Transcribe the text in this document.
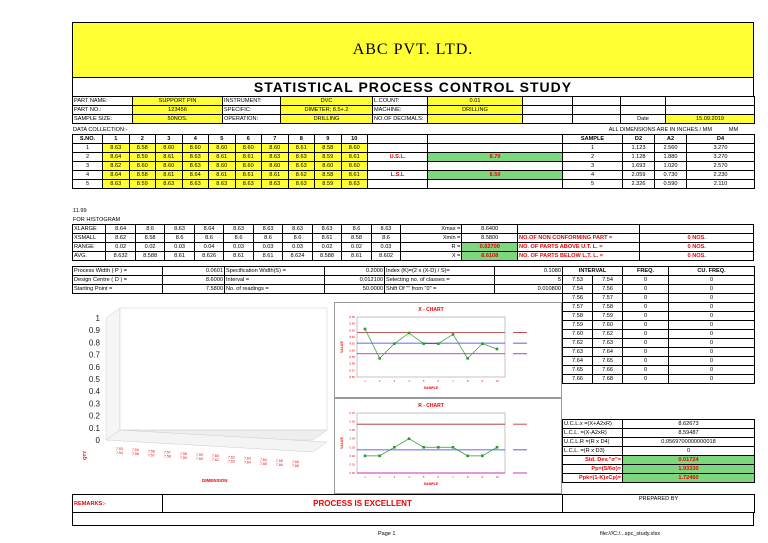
ABC PVT. LTD.
STATISTICAL PROCESS CONTROL STUDY
PART NAME:	SUPPORT PIN	INSTRUMENT:	DVC	L.COUNT:	0.01				
PART NO.:	123456	SPECIFIC:	DIMETER; 8.5+.2	MACHINE:	DRILLING				
SAMPLE SIZE:	50NOS.	OPERATION:	DRILLING	NO.OF DECIMALS:				Date	15.09.2019
DATA COLLECTION:-	ALL DIMENSIONS ARE IN INCHES / MM	MM
S.NO.	1	2	3	4	5	6	7	8	9	10		
1	8.63	8.58	8.60	8.60	8.60	8.60	8.60	8.61	8.58	8.60		
2	8.64	8.59	8.61	8.63	8.61	8.61	8.63	8.63	8.59	8.61	U.S.L.	8.70
3	8.62	8.60	8.60	8.63	8.60	8.60	8.60	8.63	8.60	8.60		
4	8.64	8.58	8.61	8.64	8.61	8.61	8.61	8.62	8.58	8.61	L.S.L	8.50
5	8.63	8.59	8.63	8.63	8.63	8.63	8.63	8.63	8.59	8.63		
SAMPLE	D2	A2	D4
1	1.123	2.560	3.270
2	1.128	1.880	3.270
3	1.693	1.020	2.570
4	2.059	0.730	2.230
5	2.326	0.590	2.110
11.99
FOR HISTOGRAM
XLARGE	8.64	8.6	8.63	8.64	8.63	8.63	8.63	8.63	8.6	8.63	Xmax =	8.6400		
XSMALL	8.62	8.58	8.6	8.6	8.6	8.6	8.6	8.61	8.58	8.6	Xmin =	8.5800	NO.OF NON CONFORMING PART =	0 NOS.
RANGE	0.02	0.02	0.03	0.04	0.03	0.03	0.03	0.02	0.02	0.03	R =	0.02700	NO. OF PARTS ABOVE U.T. L. =	0 NOS.
AVG.	8.632	8.588	8.61	8.626	8.61	8.61	8.624	8.588	8.61	8.602	X =	8.6108	NO. OF PARTS BELOW L.T. L. =	0 NOS.
Process Width ( P ) =	0.0601	Specification Width(S) =	0.2000	Index (K)=(2 x (X-D) / S)=	0.1080
Design Centre ( D ) =	8.6000	Interval =	0.012100	Selecting no. of classes =	5
Starting Point =	7.5800	No. of readings =	50.0000	Shift Of "" from "0" =	0.010800
INTERVAL		FREQ.	CU. FREQ.
7.53	7.54	0	0
7.54	7.56	0	0
7.56	7.57	0	0
7.57	7.58	0	0
7.58	7.59	0	0
7.59	7.60	0	0
7.60	7.62	0	0
7.62	7.63	0	0
7.63	7.64	0	0
7.64	7.65	0	0
7.65	7.66	0	0
7.66	7.68	0	0
U.C.L.x =(X+A2xR)	8.62673
L.C.L. =(X-A2xR)	8.59487
U.C.L.R =(R x D4)	0.0569700000000018
L.C.L. =(R x D3)	0
Std. Dev."σ"=	0.01724
Pp=(S/6σ)=	1.93330
Ppk=(1-K)xCp)=	1.72460
1
0.9
0.8
0.7
0.6
0.5
0.4
0.3
0.2
0.1
0
7.53
7.54
7.54
7.56
7.56
7.57
7.57
7.58
7.58
7.59
7.59
7.60
7.60
7.62
7.62
7.63
7.63
7.64
7.64
7.65
7.65
7.66
7.66
7.68
DIMENSION
QTY
X - CHART
8.56
8.57
8.58
8.59
8.60
8.61
8.62
8.63
8.64
8.65
1	2	3	4	5	6	7	8	9	10
SAMPLE
VALUE
R - CHART
0.00
0.01
0.02
0.03
0.04
0.05
0.06
0.07
1	2	3	4	5	6	7	8	9	10
SAMPLE
VALUE
REMARKS:-	PROCESS IS EXCELLENT	PREPARED BY
Page 1	file:///C:/...spc_study.xlsx
